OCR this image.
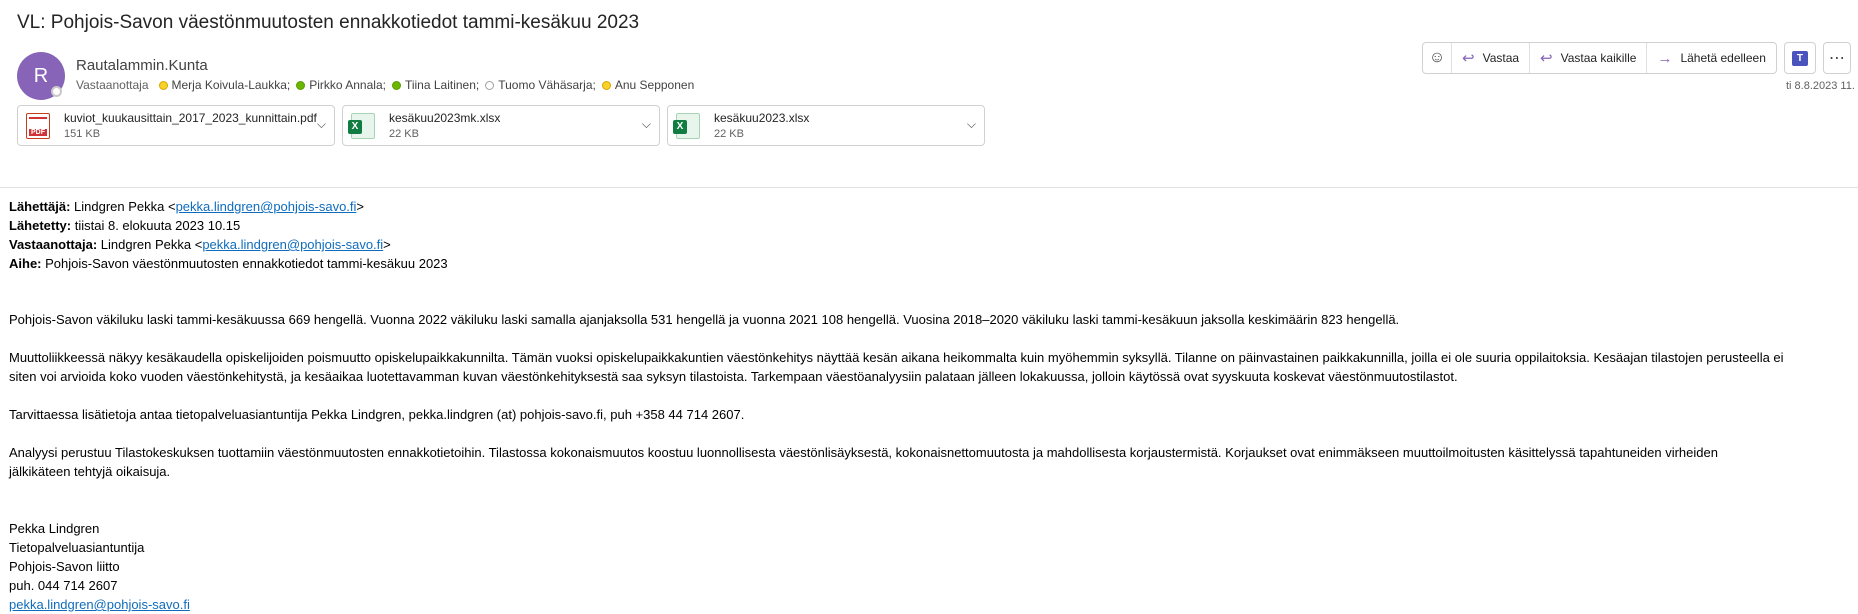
VL: Pohjois-Savon väestönmuutosten ennakkotiedot tammi-kesäkuu 2023
R Rautalammin.Kunta
Vastaanottaja Merja Koivula-Laukka; Pirkko Annala; Tiina Laitinen; Tuomo Vähäsarja; Anu Sepponen
☺ ↩ Vastaa ↩ Vastaa kaikille → Lähetä edelleen	T	⋯
ti 8.8.2023 11.
PDF
kuviot_kuukausittain_2017_2023_kunnittain.pdf
151 KB
⌵	X
kesäkuu2023mk.xlsx
22 KB
⌵	X
kesäkuu2023.xlsx
22 KB
⌵

Lähettäjä: Lindgren Pekka <pekka.lindgren@pohjois-savo.fi>

Lähetetty: tiistai 8. elokuuta 2023 10.15

Vastaanottaja: Lindgren Pekka <pekka.lindgren@pohjois-savo.fi>

Aihe: Pohjois-Savon väestönmuutosten ennakkotiedot tammi-kesäkuu 2023

Pohjois-Savon väkiluku laski tammi-kesäkuussa 669 hengellä. Vuonna 2022 väkiluku laski samalla ajanjaksolla 531 hengellä ja vuonna 2021 108 hengellä. Vuosina 2018–2020 väkiluku laski tammi-kesäkuun jaksolla keskimäärin 823 hengellä.

Muuttoliikkeessä näkyy kesäkaudella opiskelijoiden poismuutto opiskelupaikkakunnilta. Tämän vuoksi opiskelupaikkakuntien väestönkehitys näyttää kesän aikana heikommalta kuin myöhemmin syksyllä. Tilanne on päinvastainen paikkakunnilla, joilla ei ole suuria oppilaitoksia. Kesäajan tilastojen perusteella ei

siten voi arvioida koko vuoden väestönkehitystä, ja kesäaikaa luotettavamman kuvan väestönkehityksestä saa syksyn tilastoista. Tarkempaan väestöanalyysiin palataan jälleen lokakuussa, jolloin käytössä ovat syyskuuta koskevat väestönmuutostilastot.

Tarvittaessa lisätietoja antaa tietopalveluasiantuntija Pekka Lindgren, pekka.lindgren (at) pohjois-savo.fi, puh +358 44 714 2607.

Analyysi perustuu Tilastokeskuksen tuottamiin väestönmuutosten ennakkotietoihin. Tilastossa kokonaismuutos koostuu luonnollisesta väestönlisäyksestä, kokonaisnettomuutosta ja mahdollisesta korjaustermistä. Korjaukset ovat enimmäkseen muuttoilmoitusten käsittelyssä tapahtuneiden virheiden

jälkikäteen tehtyjä oikaisuja.

Pekka Lindgren

Tietopalveluasiantuntija

Pohjois-Savon liitto

puh. 044 714 2607

pekka.lindgren@pohjois-savo.fi
